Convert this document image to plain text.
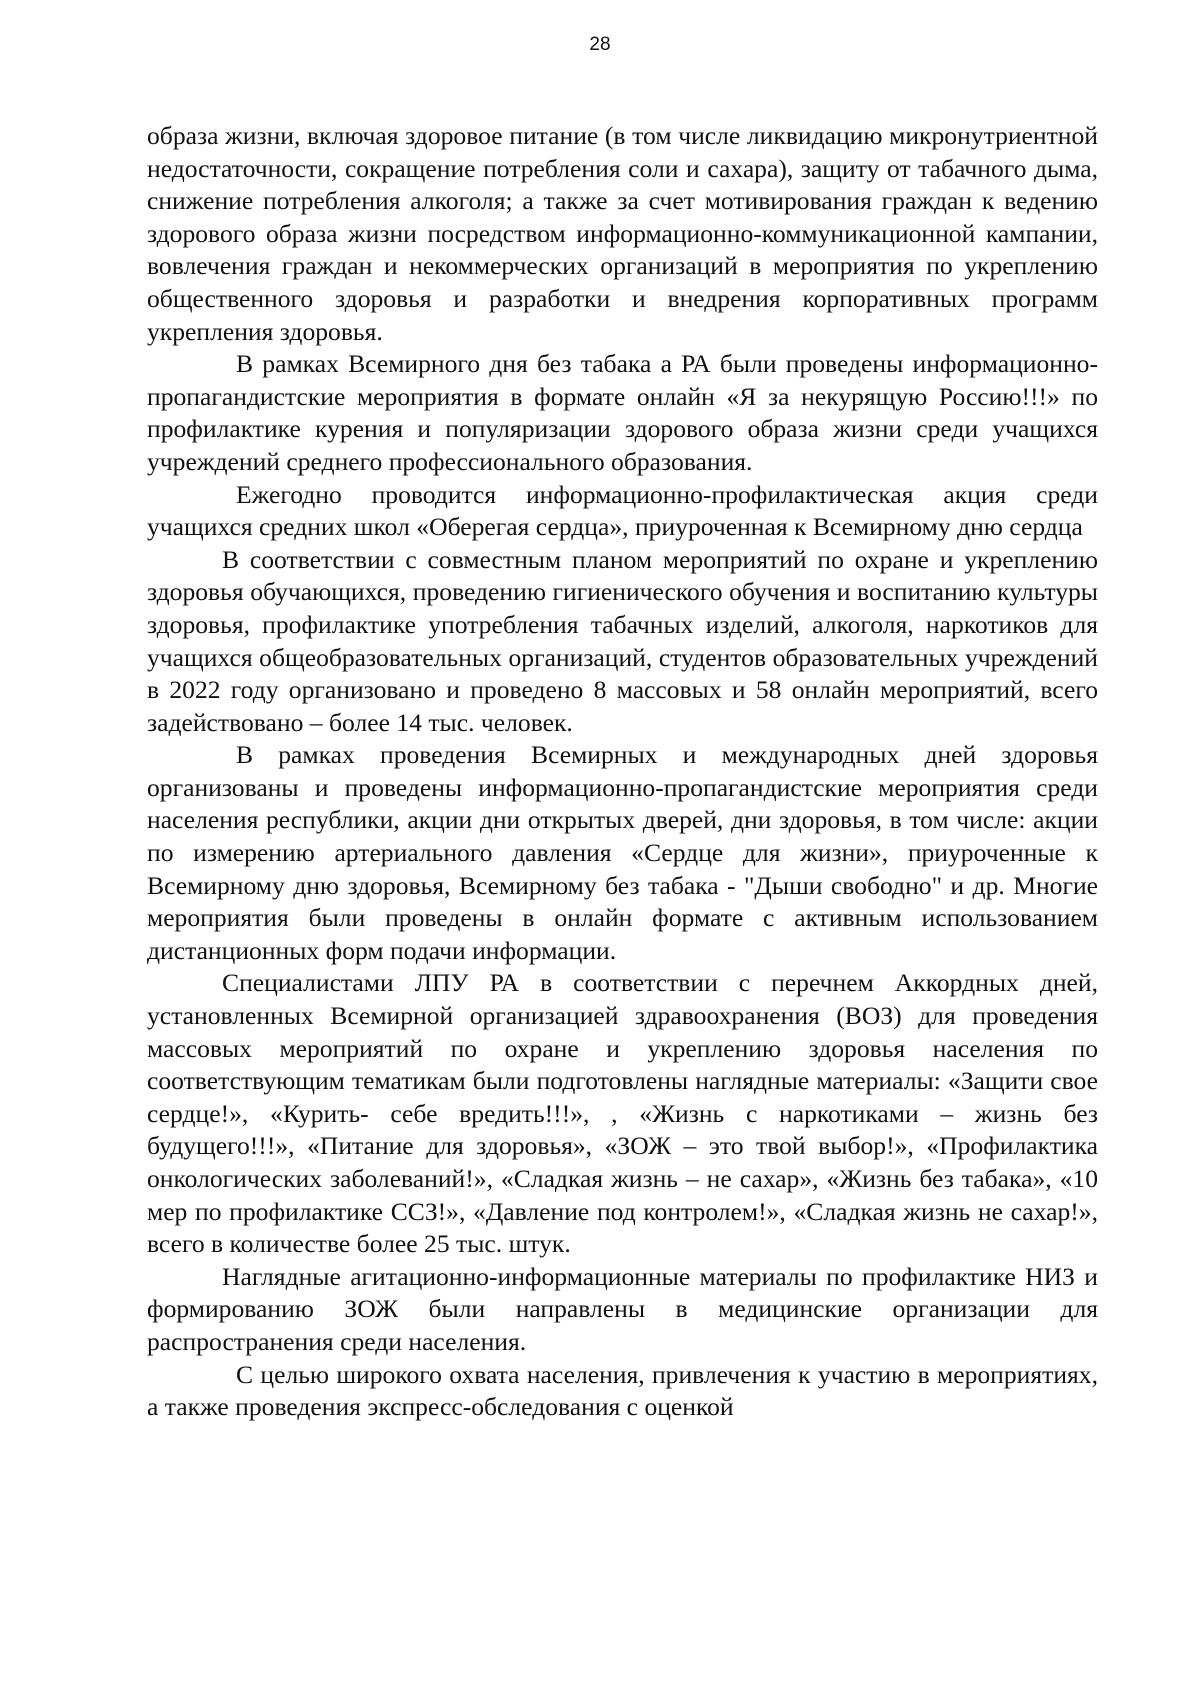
28

образа жизни, включая здоровое питание (в том числе ликвидацию микронутриентной недостаточности, сокращение потребления соли и сахара), защиту от табачного дыма, снижение потребления алкоголя; а также за счет мотивирования граждан к ведению здорового образа жизни посредством информационно-коммуникационной кампании, вовлечения граждан и некоммерческих организаций в мероприятия по укреплению общественного здоровья и разработки и внедрения корпоративных программ укрепления здоровья.

В рамках Всемирного дня без табака а РА были проведены информационно-пропагандистские мероприятия в формате онлайн «Я за некурящую Россию!!!» по профилактике курения и популяризации здорового образа жизни среди учащихся учреждений среднего профессионального образования.

Ежегодно проводится информационно-профилактическая акция среди учащихся средних школ «Оберегая сердца», приуроченная к Всемирному дню сердца

В соответствии с совместным планом мероприятий по охране и укреплению здоровья обучающихся, проведению гигиенического обучения и воспитанию культуры здоровья, профилактике употребления табачных изделий, алкоголя, наркотиков для учащихся общеобразовательных организаций, студентов образовательных учреждений в 2022 году организовано и проведено 8 массовых и 58 онлайн мероприятий, всего задействовано – более 14 тыс. человек.

В рамках проведения Всемирных и международных дней здоровья организованы и проведены информационно-пропагандистские мероприятия среди населения республики, акции дни открытых дверей, дни здоровья, в том числе: акции по измерению артериального давления «Сердце для жизни», приуроченные к Всемирному дню здоровья, Всемирному без табака - "Дыши свободно" и др. Многие мероприятия были проведены в онлайн формате с активным использованием дистанционных форм подачи информации.

Специалистами ЛПУ РА в соответствии с перечнем Аккордных дней, установленных Всемирной организацией здравоохранения (ВОЗ) для проведения массовых мероприятий по охране и укреплению здоровья населения по соответствующим тематикам были подготовлены наглядные материалы: «Защити свое сердце!», «Курить- себе вредить!!!», , «Жизнь с наркотиками – жизнь без будущего!!!», «Питание для здоровья», «ЗОЖ – это твой выбор!», «Профилактика онкологических заболеваний!», «Сладкая жизнь – не сахар», «Жизнь без табака», «10 мер по профилактике ССЗ!», «Давление под контролем!», «Сладкая жизнь не сахар!», всего в количестве более 25 тыс. штук.

Наглядные агитационно-информационные материалы по профилактике НИЗ и формированию ЗОЖ были направлены в медицинские организации для распространения среди населения.

С целью широкого охвата населения, привлечения к участию в мероприятиях, а также проведения экспресс-обследования с оценкой
